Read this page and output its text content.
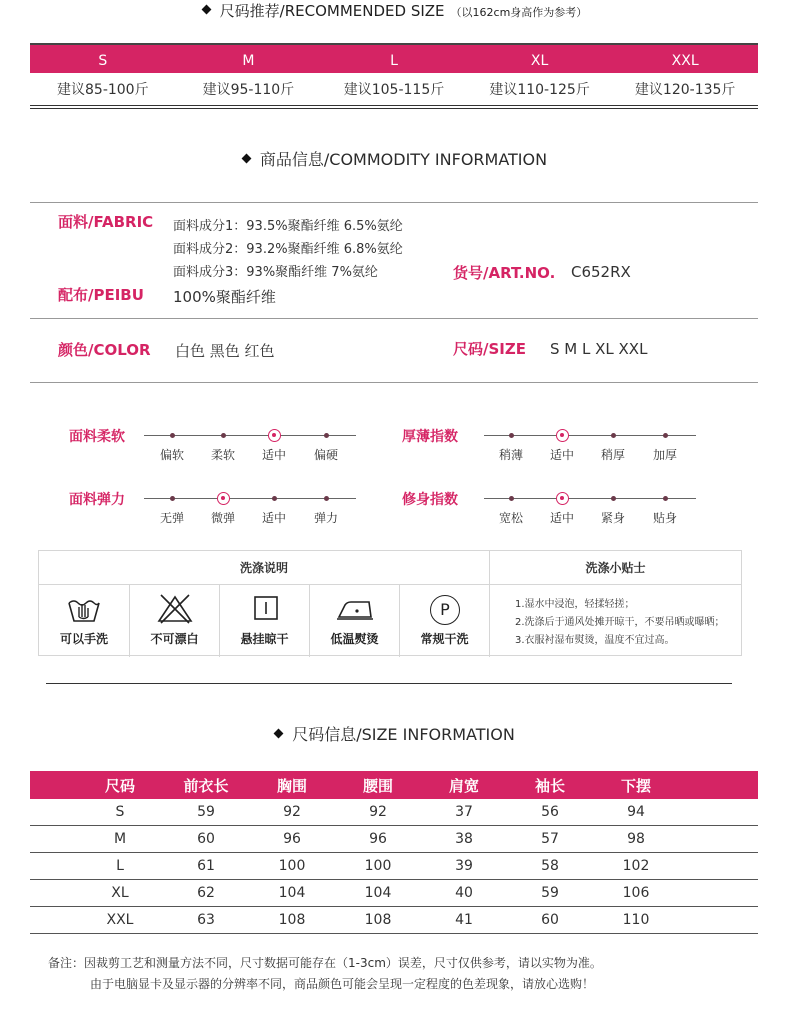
尺码推荐/RECOMMENDED SIZE （以162cm身高作为参考）
S	M	L	XL	XXL
建议85-100斤	建议95-110斤	建议105-115斤	建议110-125斤	建议120-135斤
商品信息/COMMODITY INFORMATION
面料/FABRIC 面料成分1：93.5%聚酯纤维 6.5%氨纶
面料成分2：93.2%聚酯纤维 6.8%氨纶
面料成分3：93%聚酯纤维 7%氨纶	货号/ART.NO. C652RX
配布/PEIBU 100%聚酯纤维
颜色/COLOR 白色 黑色 红色	尺码/SIZE S M L XL XXL
面料柔软
偏软	柔软	适中	偏硬
厚薄指数
稍薄	适中	稍厚	加厚
面料弹力
无弹	微弹	适中	弹力
修身指数
宽松	适中	紧身	贴身
洗涤说明	洗涤小贴士
可以手洗	不可漂白	悬挂晾干	低温熨烫
P
常规干洗
1.湿水中浸泡，轻揉轻搓；
2.洗涤后于通风处摊开晾干，不要吊晒或曝晒；
3.衣服衬湿布熨烫，温度不宜过高。
尺码信息/SIZE INFORMATION
尺码	前衣长	胸围	腰围	肩宽	袖长	下摆
S	59	92	92	37	56	94
M	60	96	96	38	57	98
L	61	100	100	39	58	102
XL	62	104	104	40	59	106
XXL	63	108	108	41	60	110
备注：因裁剪工艺和测量方法不同，尺寸数据可能存在（1-3cm）误差，尺寸仅供参考，请以实物为准。
由于电脑显卡及显示器的分辨率不同，商品颜色可能会呈现一定程度的色差现象，请放心选购！
